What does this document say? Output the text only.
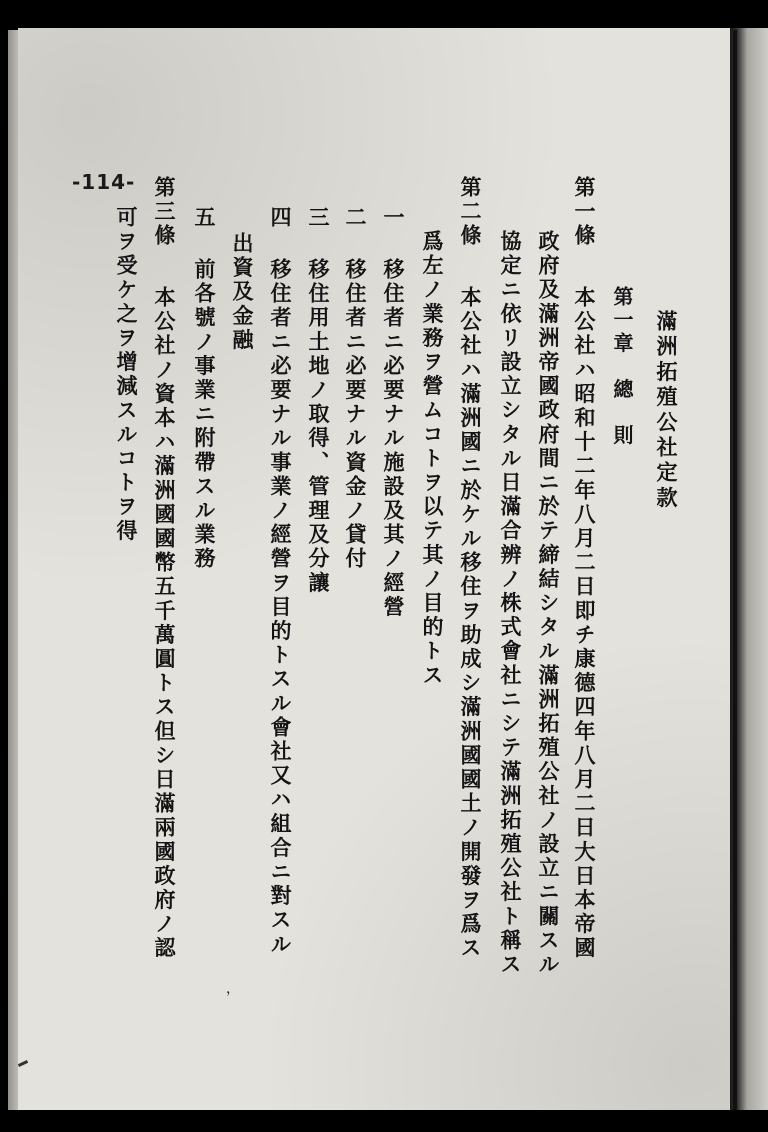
滿洲拓殖公社定款
第一章　總　則
第一條
本公社ハ昭和十二年八月二日即チ康德四年八月二日大日本帝國
政府及滿洲帝國政府間ニ於テ締結シタル滿洲拓殖公社ノ設立ニ關スル
協定ニ依リ設立シタル日滿合辨ノ株式會社ニシテ滿洲拓殖公社ト稱ス
第二條
本公社ハ滿洲國ニ於ケル移住ヲ助成シ滿洲國國土ノ開發ヲ爲ス
爲左ノ業務ヲ營ムコトヲ以テ其ノ目的トス
一
移住者ニ必要ナル施設及其ノ經營
二
移住者ニ必要ナル資金ノ貸付
三
移住用土地ノ取得、管理及分讓
四
移住者ニ必要ナル事業ノ經營ヲ目的トスル會社又ハ組合ニ對スル
出資及金融
五
前各號ノ事業ニ附帶スル業務
第三條
本公社ノ資本ハ滿洲國國幣五千萬圓トス但シ日滿兩國政府ノ認
可ヲ受ケ之ヲ增減スルコトヲ得
-114-
，
